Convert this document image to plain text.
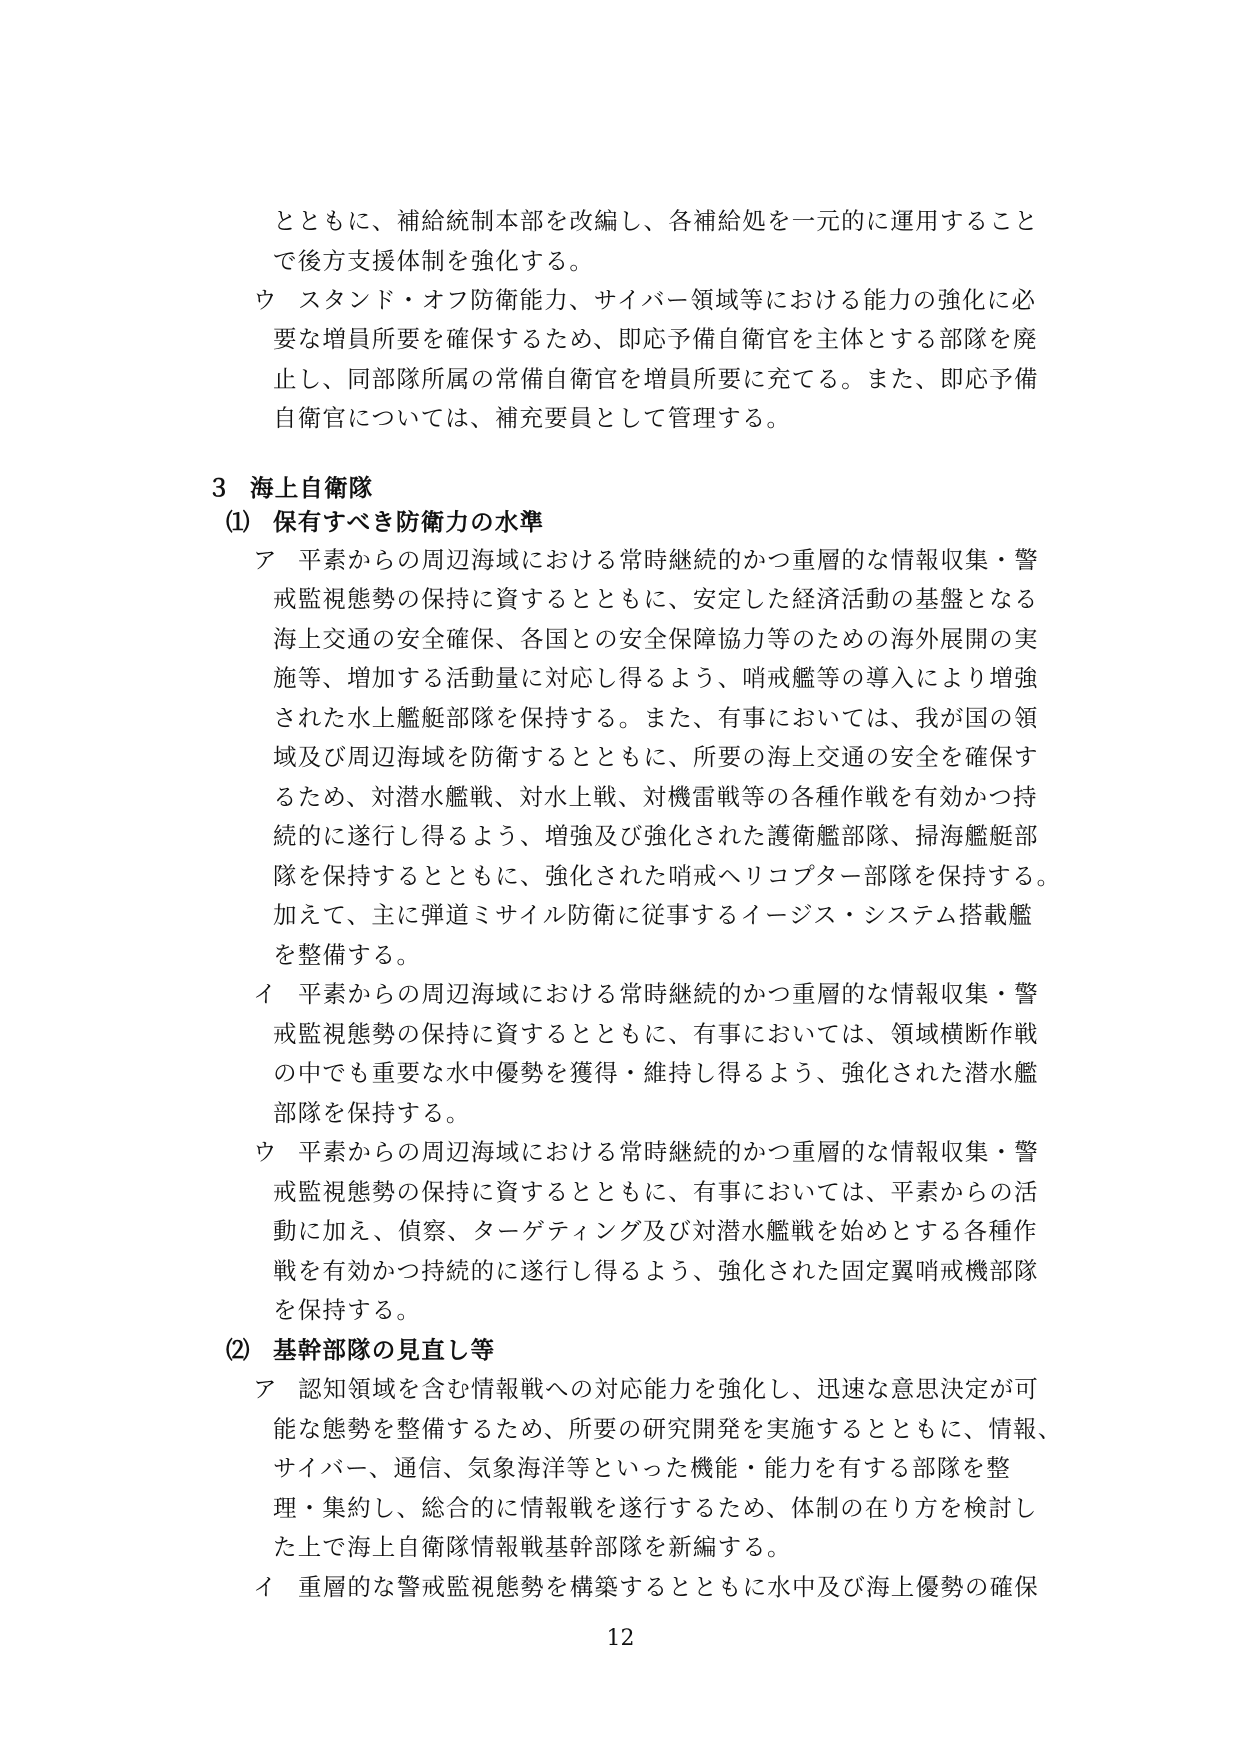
とともに、補給統制本部を改編し、各補給処を一元的に運用すること
で後方支援体制を強化する。
ウ スタンド・オフ防衛能力、サイバー領域等における能力の強化に必
要な増員所要を確保するため、即応予備自衛官を主体とする部隊を廃
止し、同部隊所属の常備自衛官を増員所要に充てる。また、即応予備
自衛官については、補充要員として管理する。
３ 海上自衛隊
⑴ 保有すべき防衛力の水準
ア 平素からの周辺海域における常時継続的かつ重層的な情報収集・警
戒監視態勢の保持に資するとともに、安定した経済活動の基盤となる
海上交通の安全確保、各国との安全保障協力等のための海外展開の実
施等、増加する活動量に対応し得るよう、哨戒艦等の導入により増強
された水上艦艇部隊を保持する。また、有事においては、我が国の領
域及び周辺海域を防衛するとともに、所要の海上交通の安全を確保す
るため、対潜水艦戦、対水上戦、対機雷戦等の各種作戦を有効かつ持
続的に遂行し得るよう、増強及び強化された護衛艦部隊、掃海艦艇部
隊を保持するとともに、強化された哨戒ヘリコプター部隊を保持する。
加えて、主に弾道ミサイル防衛に従事するイージス・システム搭載艦
を整備する。
イ 平素からの周辺海域における常時継続的かつ重層的な情報収集・警
戒監視態勢の保持に資するとともに、有事においては、領域横断作戦
の中でも重要な水中優勢を獲得・維持し得るよう、強化された潜水艦
部隊を保持する。
ウ 平素からの周辺海域における常時継続的かつ重層的な情報収集・警
戒監視態勢の保持に資するとともに、有事においては、平素からの活
動に加え、偵察、ターゲティング及び対潜水艦戦を始めとする各種作
戦を有効かつ持続的に遂行し得るよう、強化された固定翼哨戒機部隊
を保持する。
⑵ 基幹部隊の見直し等
ア 認知領域を含む情報戦への対応能力を強化し、迅速な意思決定が可
能な態勢を整備するため、所要の研究開発を実施するとともに、情報、
サイバー、通信、気象海洋等といった機能・能力を有する部隊を整
理・集約し、総合的に情報戦を遂行するため、体制の在り方を検討し
た上で海上自衛隊情報戦基幹部隊を新編する。
イ 重層的な警戒監視態勢を構築するとともに水中及び海上優勢の確保
12
